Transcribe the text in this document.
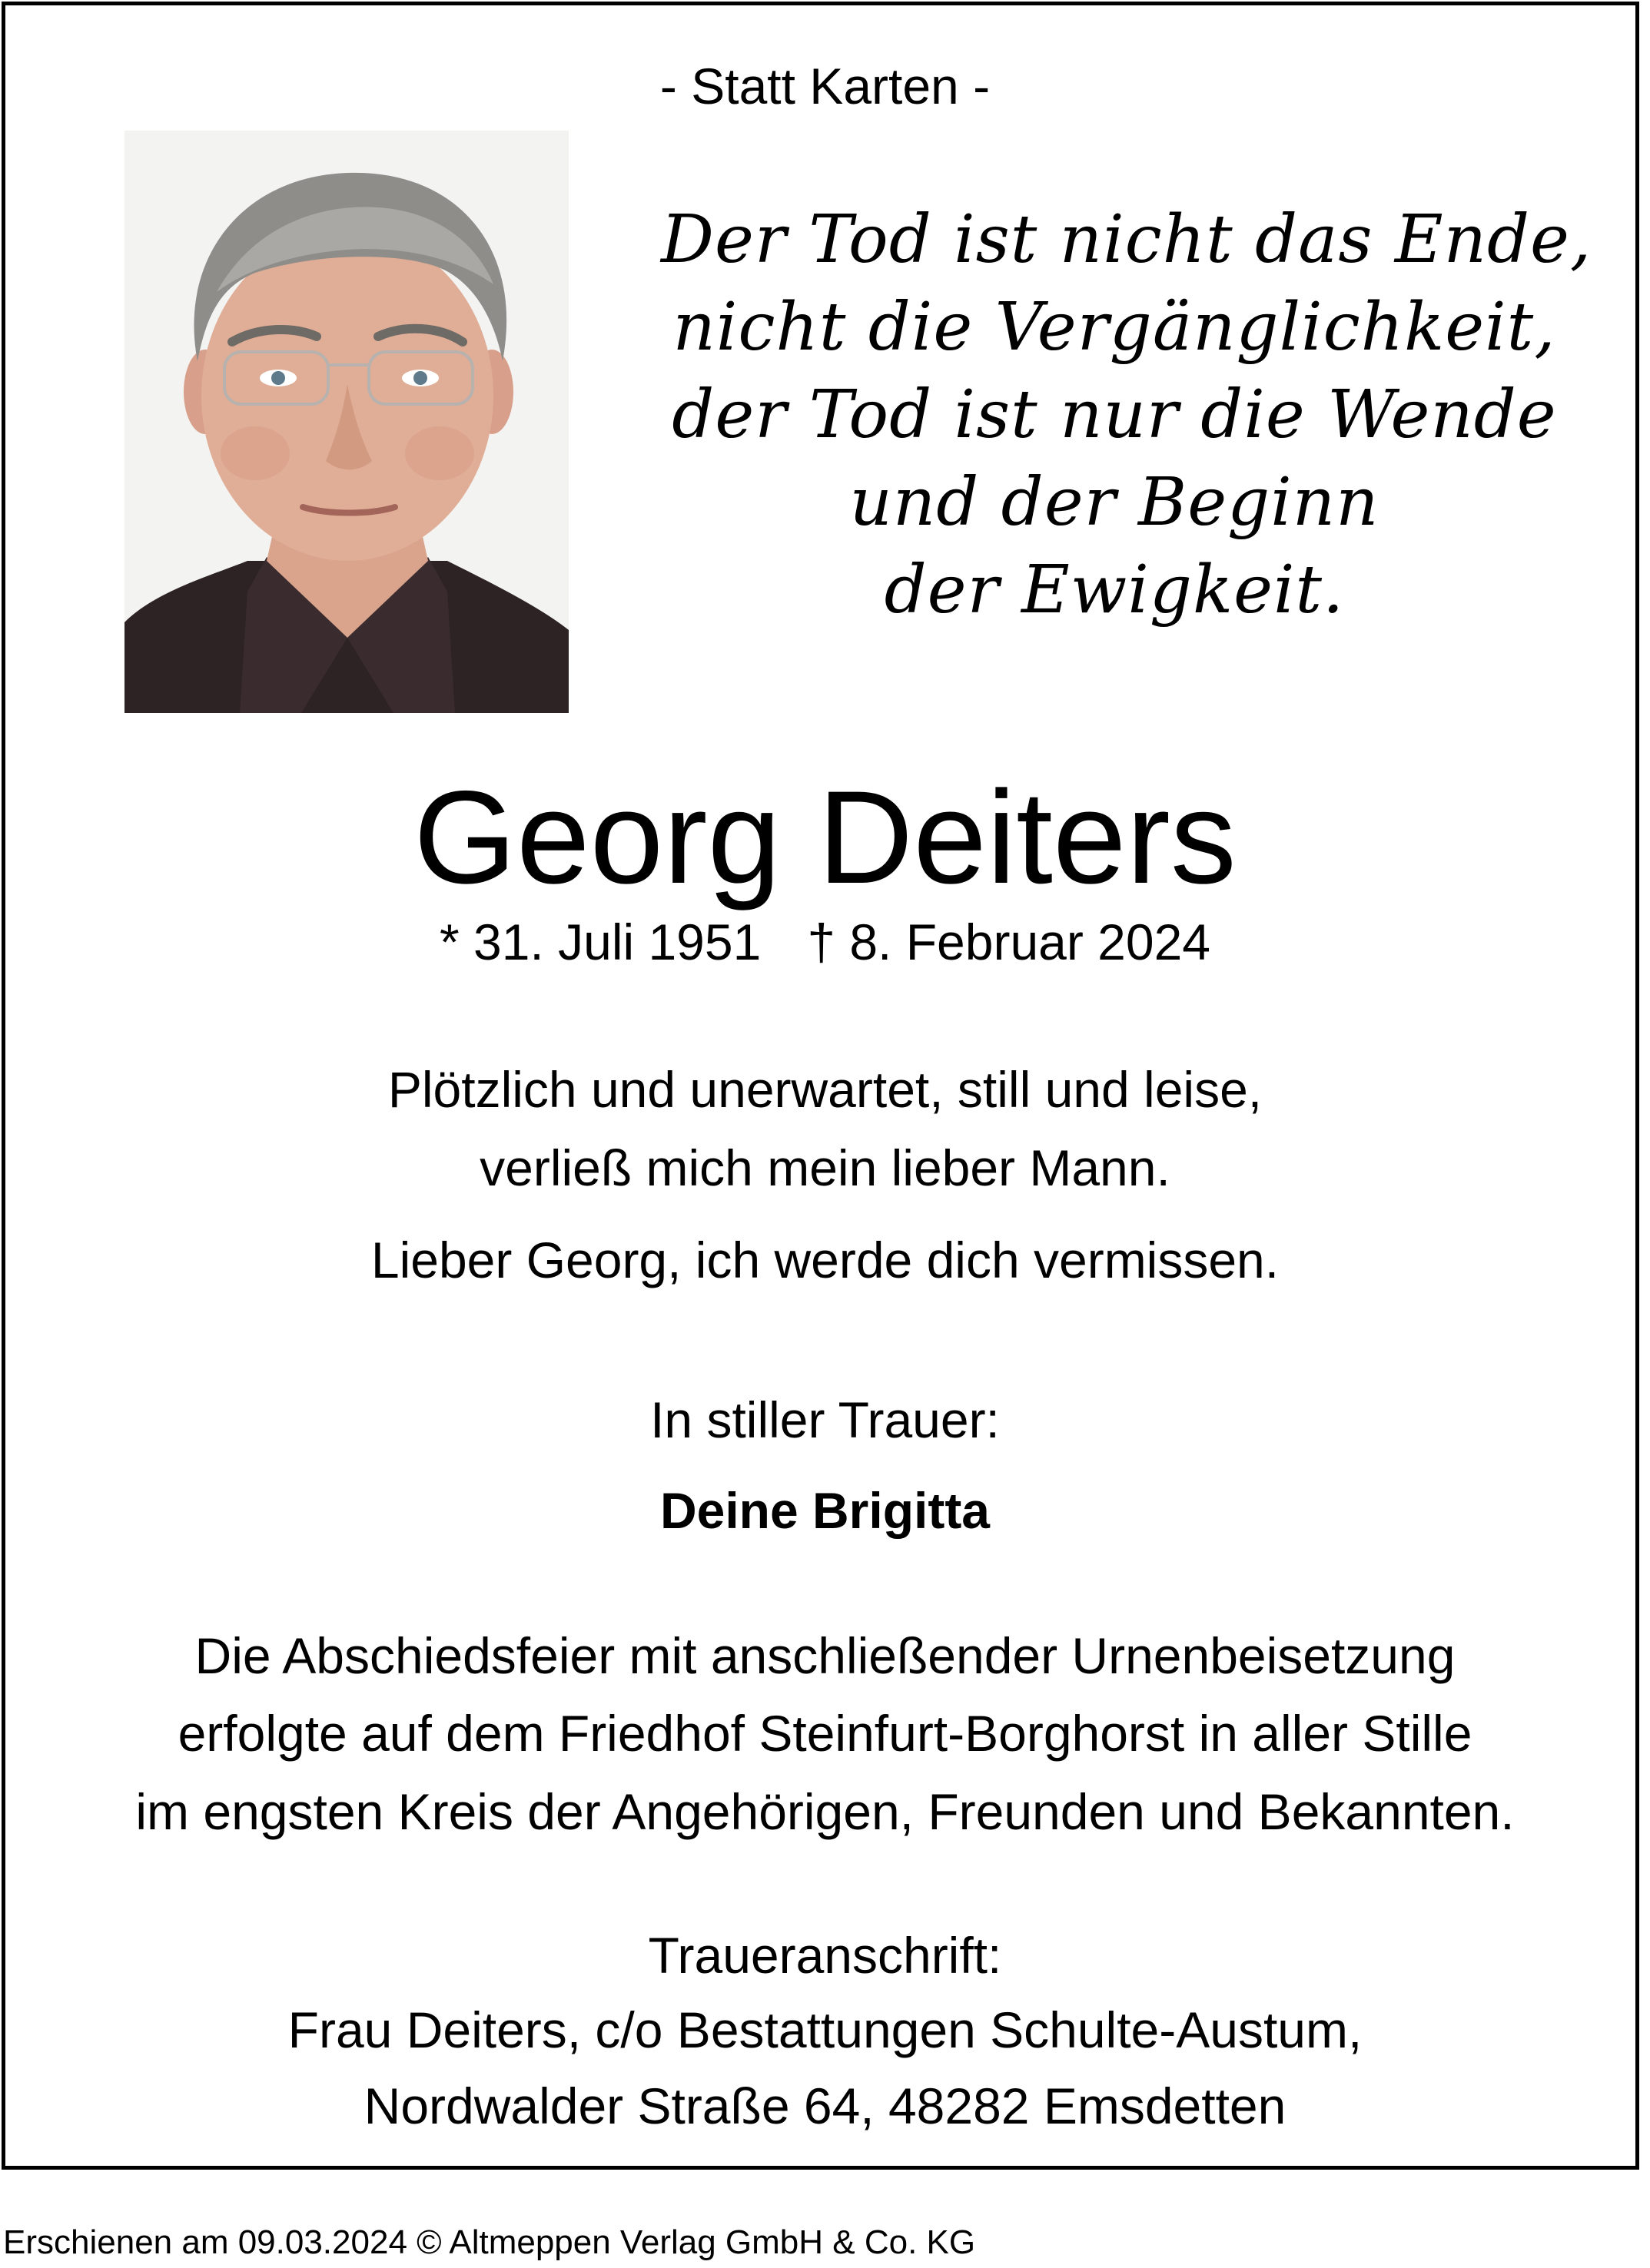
- Statt Karten -
Der Tod ist nicht das Ende,
nicht die Vergänglichkeit,
der Tod ist nur die Wende
und der Beginn
der Ewigkeit.
Georg Deiters
* 31. Juli 1951 † 8. Februar 2024
Plötzlich und unerwartet, still und leise,
verließ mich mein lieber Mann.
Lieber Georg, ich werde dich vermissen.
In stiller Trauer:
Deine Brigitta
Die Abschiedsfeier mit anschließender Urnenbeisetzung
erfolgte auf dem Friedhof Steinfurt-Borghorst in aller Stille
im engsten Kreis der Angehörigen, Freunden und Bekannten.
Traueranschrift:
Frau Deiters, c/o Bestattungen Schulte-Austum,
Nordwalder Straße 64, 48282 Emsdetten
Erschienen am 09.03.2024 © Altmeppen Verlag GmbH & Co. KG
